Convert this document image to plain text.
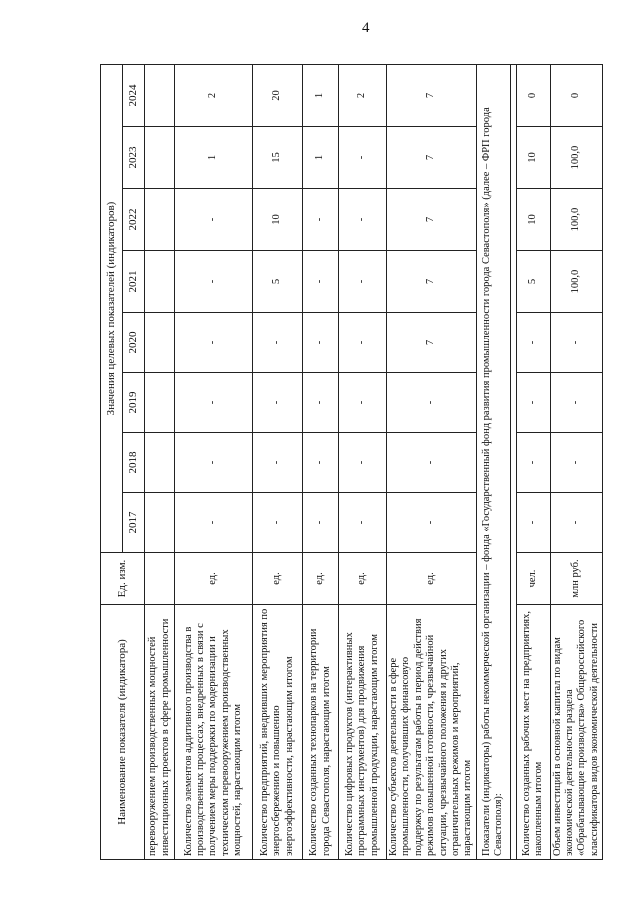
4
Наименование показателя (индикатора)	Ед. изм.	Значения целевых показателей (индикаторов)							
		2017	2018	2019	2020	2021	2022	2023	2024
перевооружением производственных мощностей инвестиционных проектов в сфере промышленности									
Количество элементов аддитивного производства в производственных процессах, внедренных в связи с получением меры поддержки по модернизации и техническим перевооружением производственных мощностей, нарастающим итогом	ед.	-	-	-	-	-	-	1	2
Количество предприятий, внедривших мероприятия по энергосбережению и повышению энергоэффективности, нарастающим итогом	ед.	-	-	-	-	5	10	15	20
Количество созданных технопарков на территории города Севастополя, нарастающим итогом	ед.	-	-	-	-	-	-	1	1
Количество цифровых продуктов (интерактивных программных инструментов) для продвижения промышленной продукции, нарастающим итогом	ед.	-	-	-	-	-	-	-	2
Количество субъектов деятельности в сфере промышленности, получивших финансовую поддержку по результатам работы в период действия режимов повышенной готовности, чрезвычайной ситуации, чрезвычайного положения и других ограничительных режимов и мероприятий, нарастающим итогом	ед.	-	-	-	7	7	7	7	7
Показатели (индикаторы) работы некоммерческой организации – фонда «Государственный фонд развития промышленности города Севастополя» (далее – ФРП города Севастополя):									

Количество созданных рабочих мест на предприятиях, накопленным итогом	чел.	-	-	-	-	5	10	10	0
Объем инвестиций в основной капитал по видам экономической деятельности раздела «Обрабатывающие производства» Общероссийского классификатора видов экономической деятельности	млн руб.	-	-	-	-	100,0	100,0	100,0	0
